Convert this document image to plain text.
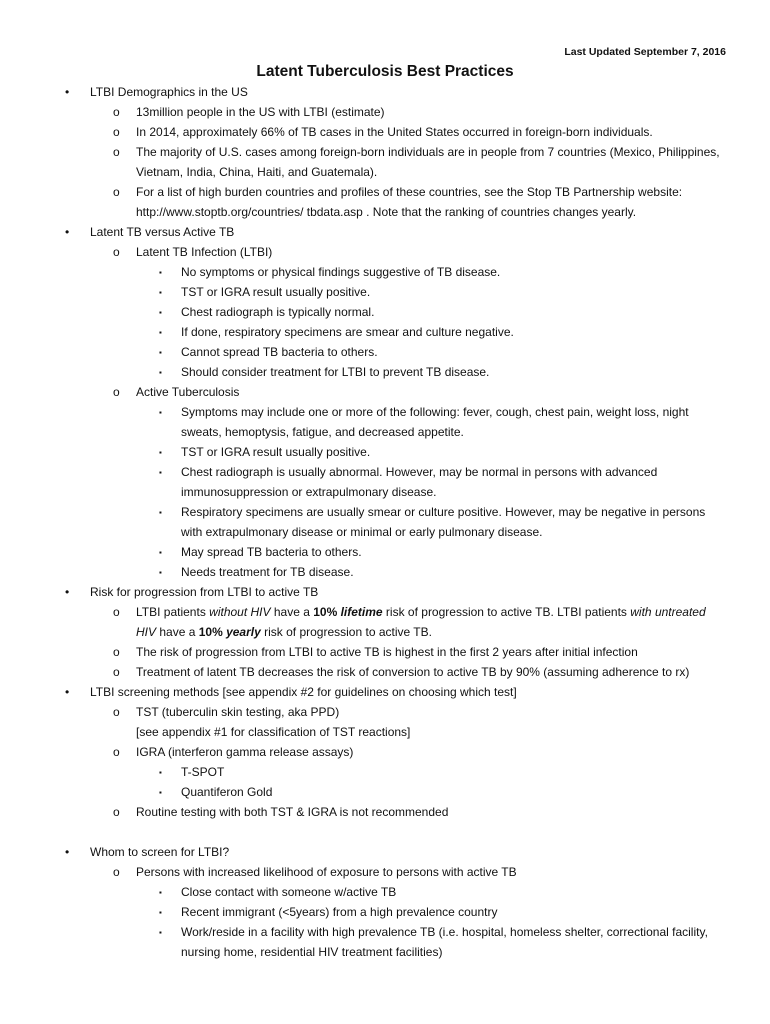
Last Updated September 7, 2016
Latent Tuberculosis Best Practices
• LTBI Demographics in the US
o 13million people in the US with LTBI (estimate)
o In 2014, approximately 66% of TB cases in the United States occurred in foreign-born individuals.
o The majority of U.S. cases among foreign-born individuals are in people from 7 countries (Mexico, Philippines, Vietnam, India, China, Haiti, and Guatemala).
o For a list of high burden countries and profiles of these countries, see the Stop TB Partnership website: http://www.stoptb.org/countries/ tbdata.asp . Note that the ranking of countries changes yearly.
• Latent TB versus Active TB
o Latent TB Infection (LTBI)
▪ No symptoms or physical findings suggestive of TB disease.
▪ TST or IGRA result usually positive.
▪ Chest radiograph is typically normal.
▪ If done, respiratory specimens are smear and culture negative.
▪ Cannot spread TB bacteria to others.
▪ Should consider treatment for LTBI to prevent TB disease.
o Active Tuberculosis
▪ Symptoms may include one or more of the following: fever, cough, chest pain, weight loss, night sweats, hemoptysis, fatigue, and decreased appetite.
▪ TST or IGRA result usually positive.
▪ Chest radiograph is usually abnormal. However, may be normal in persons with advanced immunosuppression or extrapulmonary disease.
▪ Respiratory specimens are usually smear or culture positive. However, may be negative in persons with extrapulmonary disease or minimal or early pulmonary disease.
▪ May spread TB bacteria to others.
▪ Needs treatment for TB disease.
• Risk for progression from LTBI to active TB
o LTBI patients without HIV have a 10% lifetime risk of progression to active TB. LTBI patients with untreated HIV have a 10% yearly risk of progression to active TB.
o The risk of progression from LTBI to active TB is highest in the first 2 years after initial infection
o Treatment of latent TB decreases the risk of conversion to active TB by 90% (assuming adherence to rx)
• LTBI screening methods [see appendix #2 for guidelines on choosing which test]
o TST (tuberculin skin testing, aka PPD)
[see appendix #1 for classification of TST reactions]
o IGRA (interferon gamma release assays)
▪ T-SPOT
▪ Quantiferon Gold
o Routine testing with both TST & IGRA is not recommended
• Whom to screen for LTBI?
o Persons with increased likelihood of exposure to persons with active TB
▪ Close contact with someone w/active TB
▪ Recent immigrant (<5years) from a high prevalence country
▪ Work/reside in a facility with high prevalence TB (i.e. hospital, homeless shelter, correctional facility, nursing home, residential HIV treatment facilities)
